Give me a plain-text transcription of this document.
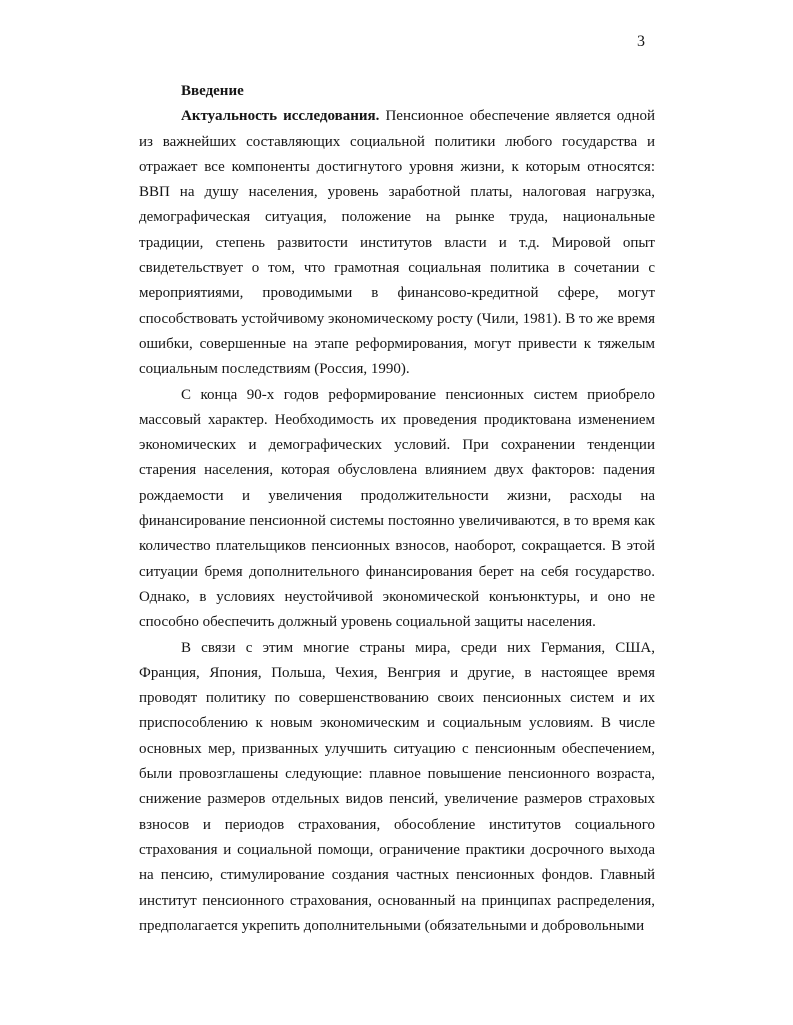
3
Введение

Актуальность исследования. Пенсионное обеспечение является одной из важнейших составляющих социальной политики любого государства и отражает все компоненты достигнутого уровня жизни, к которым относятся: ВВП на душу населения, уровень заработной платы, налоговая нагрузка, демографическая ситуация, положение на рынке труда, национальные традиции, степень развитости институтов власти и т.д. Мировой опыт свидетельствует о том, что грамотная социальная политика в сочетании с мероприятиями, проводимыми в финансово-кредитной сфере, могут способствовать устойчивому экономическому росту (Чили, 1981). В то же время ошибки, совершенные на этапе реформирования, могут привести к тяжелым социальным последствиям (Россия, 1990).

С конца 90-х годов реформирование пенсионных систем приобрело массовый характер. Необходимость их проведения продиктована изменением экономических и демографических условий. При сохранении тенденции старения населения, которая обусловлена влиянием двух факторов: падения рождаемости и увеличения продолжительности жизни, расходы на финансирование пенсионной системы постоянно увеличиваются, в то время как количество плательщиков пенсионных взносов, наоборот, сокращается. В этой ситуации бремя дополнительного финансирования берет на себя государство. Однако, в условиях неустойчивой экономической конъюнктуры, и оно не способно обеспечить должный уровень социальной защиты населения.

В связи с этим многие страны мира, среди них Германия, США, Франция, Япония, Польша, Чехия, Венгрия и другие, в настоящее время проводят политику по совершенствованию своих пенсионных систем и их приспособлению к новым экономическим и социальным условиям. В числе основных мер, призванных улучшить ситуацию с пенсионным обеспечением, были провозглашены следующие: плавное повышение пенсионного возраста, снижение размеров отдельных видов пенсий, увеличение размеров страховых взносов и периодов страхования, обособление институтов социального страхования и социальной помощи, ограничение практики досрочного выхода на пенсию, стимулирование создания частных пенсионных фондов. Главный институт пенсионного страхования, основанный на принципах распределения, предполагается укрепить дополнительными (обязательными и добровольными
